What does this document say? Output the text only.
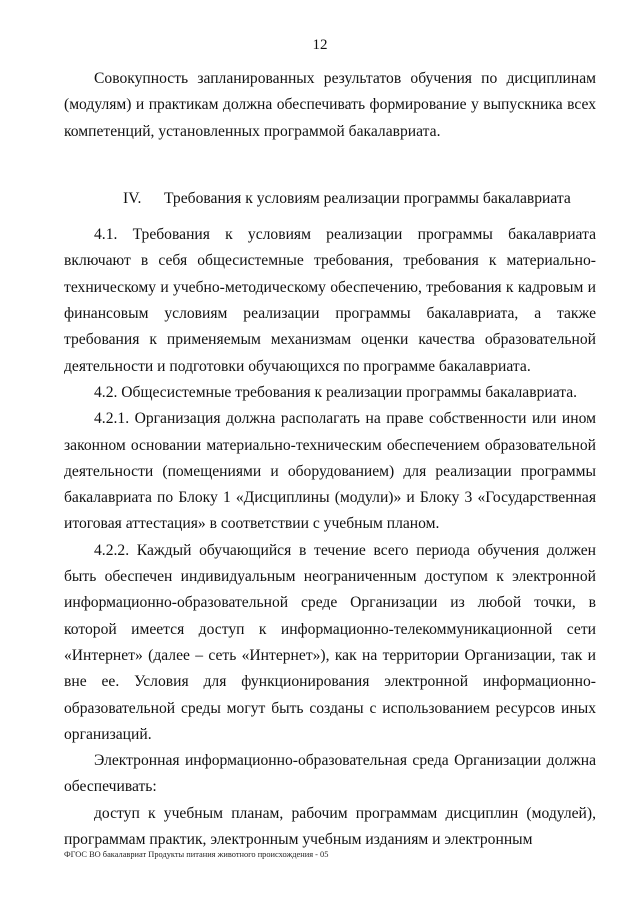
12

Совокупность запланированных результатов обучения по дисциплинам (модулям) и практикам должна обеспечивать формирование у выпускника всех компетенций, установленных программой бакалавриата.

IV. Требования к условиям реализации программы бакалавриата

4.1. Требования к условиям реализации программы бакалавриата включают в себя общесистемные требования, требования к материально-техническому и учебно-методическому обеспечению, требования к кадровым и финансовым условиям реализации программы бакалавриата, а также требования к применяемым механизмам оценки качества образовательной деятельности и подготовки обучающихся по программе бакалавриата.

4.2. Общесистемные требования к реализации программы бакалавриата.

4.2.1. Организация должна располагать на праве собственности или ином законном основании материально-техническим обеспечением образовательной деятельности (помещениями и оборудованием) для реализации программы бакалавриата по Блоку 1 «Дисциплины (модули)» и Блоку 3 «Государственная итоговая аттестация» в соответствии с учебным планом.

4.2.2. Каждый обучающийся в течение всего периода обучения должен быть обеспечен индивидуальным неограниченным доступом к электронной информационно-образовательной среде Организации из любой точки, в которой имеется доступ к информационно-телекоммуникационной сети «Интернет» (далее – сеть «Интернет»), как на территории Организации, так и вне ее. Условия для функционирования электронной информационно-образовательной среды могут быть созданы с использованием ресурсов иных организаций.

Электронная информационно-образовательная среда Организации должна обеспечивать:

доступ к учебным планам, рабочим программам дисциплин (модулей), программам практик, электронным учебным изданиям и электронным

ФГОС ВО бакалавриат Продукты питания животного происхождения - 05
